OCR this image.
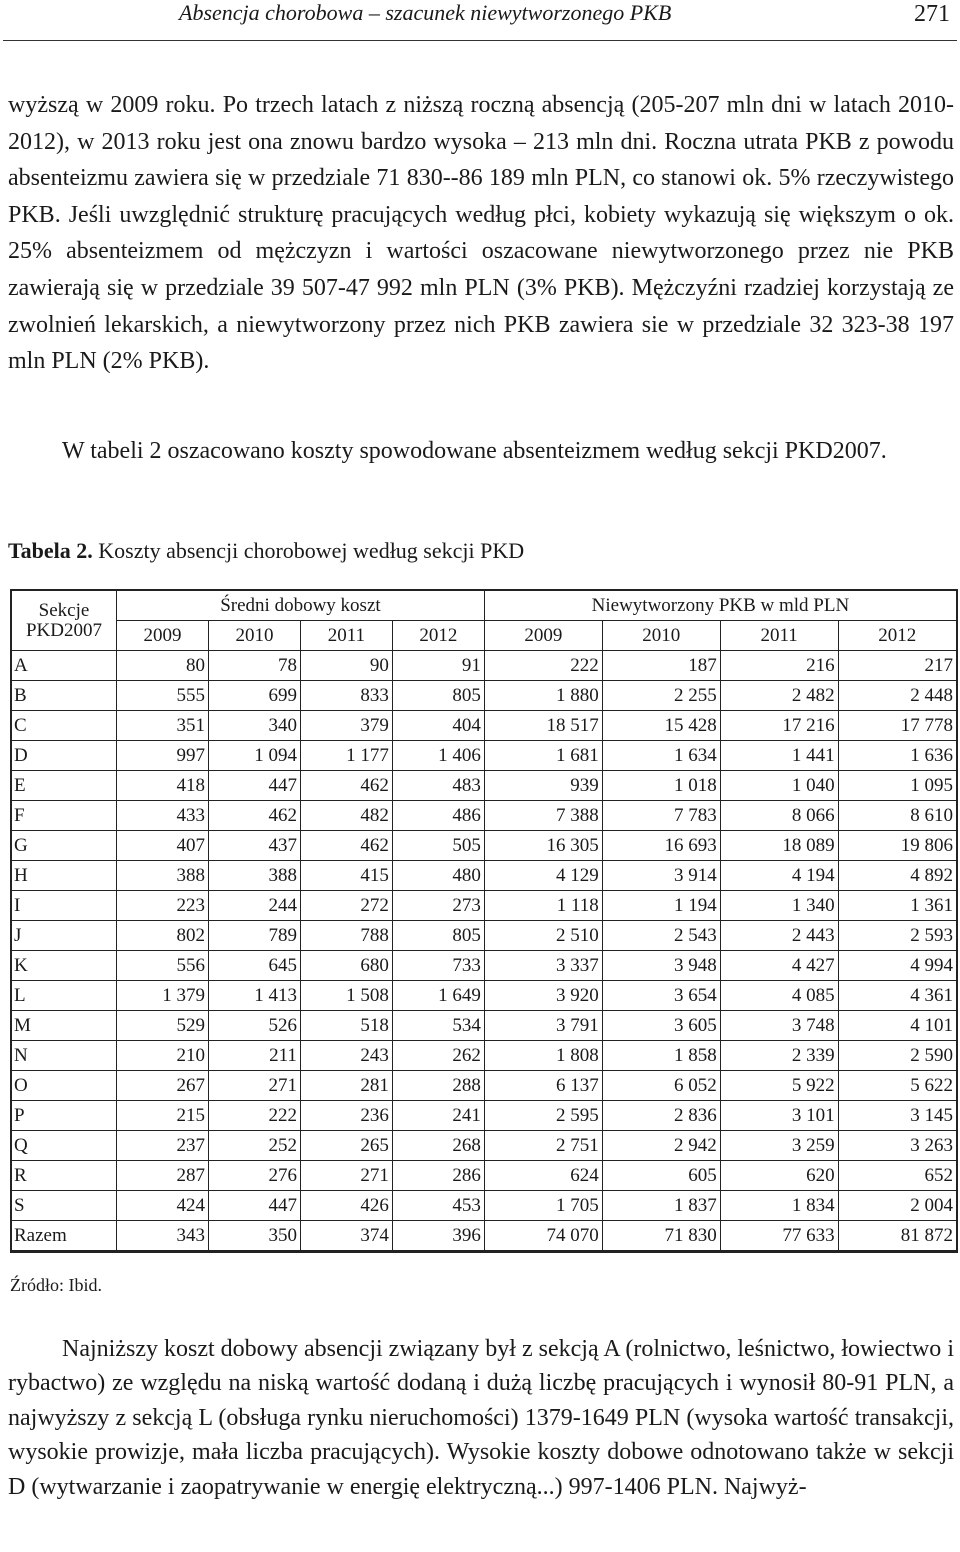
Absencja chorobowa – szacunek niewytworzonego PKB	271

wyższą w 2009 roku. Po trzech latach z niższą roczną absencją (205-207 mln dni w latach 2010-2012), w 2013 roku jest ona znowu bardzo wysoka – 213 mln dni. Roczna utrata PKB z powodu absenteizmu zawiera się w przedziale 71 830--86 189 mln PLN, co stanowi ok. 5% rzeczywistego PKB. Jeśli uwzględnić strukturę pracujących według płci, kobiety wykazują się większym o ok. 25% absenteizmem od mężczyzn i wartości oszacowane niewytworzonego przez nie PKB zawierają się w przedziale 39 507-47 992 mln PLN (3% PKB). Mężczyźni rzadziej korzystają ze zwolnień lekarskich, a niewytworzony przez nich PKB zawiera sie w przedziale 32 323-38 197 mln PLN (2% PKB).

W tabeli 2 oszacowano koszty spowodowane absenteizmem według sekcji PKD2007.

Tabela 2. Koszty absencji chorobowej według sekcji PKD

Sekcje
PKD2007	Średni dobowy koszt				Niewytworzony PKB w mld PLN			
	2009	2010	2011	2012	2009	2010	2011	2012
A	80	78	90	91	222	187	216	217
B	555	699	833	805	1 880	2 255	2 482	2 448
C	351	340	379	404	18 517	15 428	17 216	17 778
D	997	1 094	1 177	1 406	1 681	1 634	1 441	1 636
E	418	447	462	483	939	1 018	1 040	1 095
F	433	462	482	486	7 388	7 783	8 066	8 610
G	407	437	462	505	16 305	16 693	18 089	19 806
H	388	388	415	480	4 129	3 914	4 194	4 892
I	223	244	272	273	1 118	1 194	1 340	1 361
J	802	789	788	805	2 510	2 543	2 443	2 593
K	556	645	680	733	3 337	3 948	4 427	4 994
L	1 379	1 413	1 508	1 649	3 920	3 654	4 085	4 361
M	529	526	518	534	3 791	3 605	3 748	4 101
N	210	211	243	262	1 808	1 858	2 339	2 590
O	267	271	281	288	6 137	6 052	5 922	5 622
P	215	222	236	241	2 595	2 836	3 101	3 145
Q	237	252	265	268	2 751	2 942	3 259	3 263
R	287	276	271	286	624	605	620	652
S	424	447	426	453	1 705	1 837	1 834	2 004
Razem	343	350	374	396	74 070	71 830	77 633	81 872

Źródło: Ibid.

Najniższy koszt dobowy absencji związany był z sekcją A (rolnictwo, leśnictwo, łowiectwo i rybactwo) ze względu na niską wartość dodaną i dużą liczbę pracujących i wynosił 80-91 PLN, a najwyższy z sekcją L (obsługa rynku nieruchomości) 1379-1649 PLN (wysoka wartość transakcji, wysokie prowizje, mała liczba pracujących). Wysokie koszty dobowe odnotowano także w sekcji D (wytwarzanie i zaopatrywanie w energię elektryczną...) 997-1406 PLN. Najwyż-
